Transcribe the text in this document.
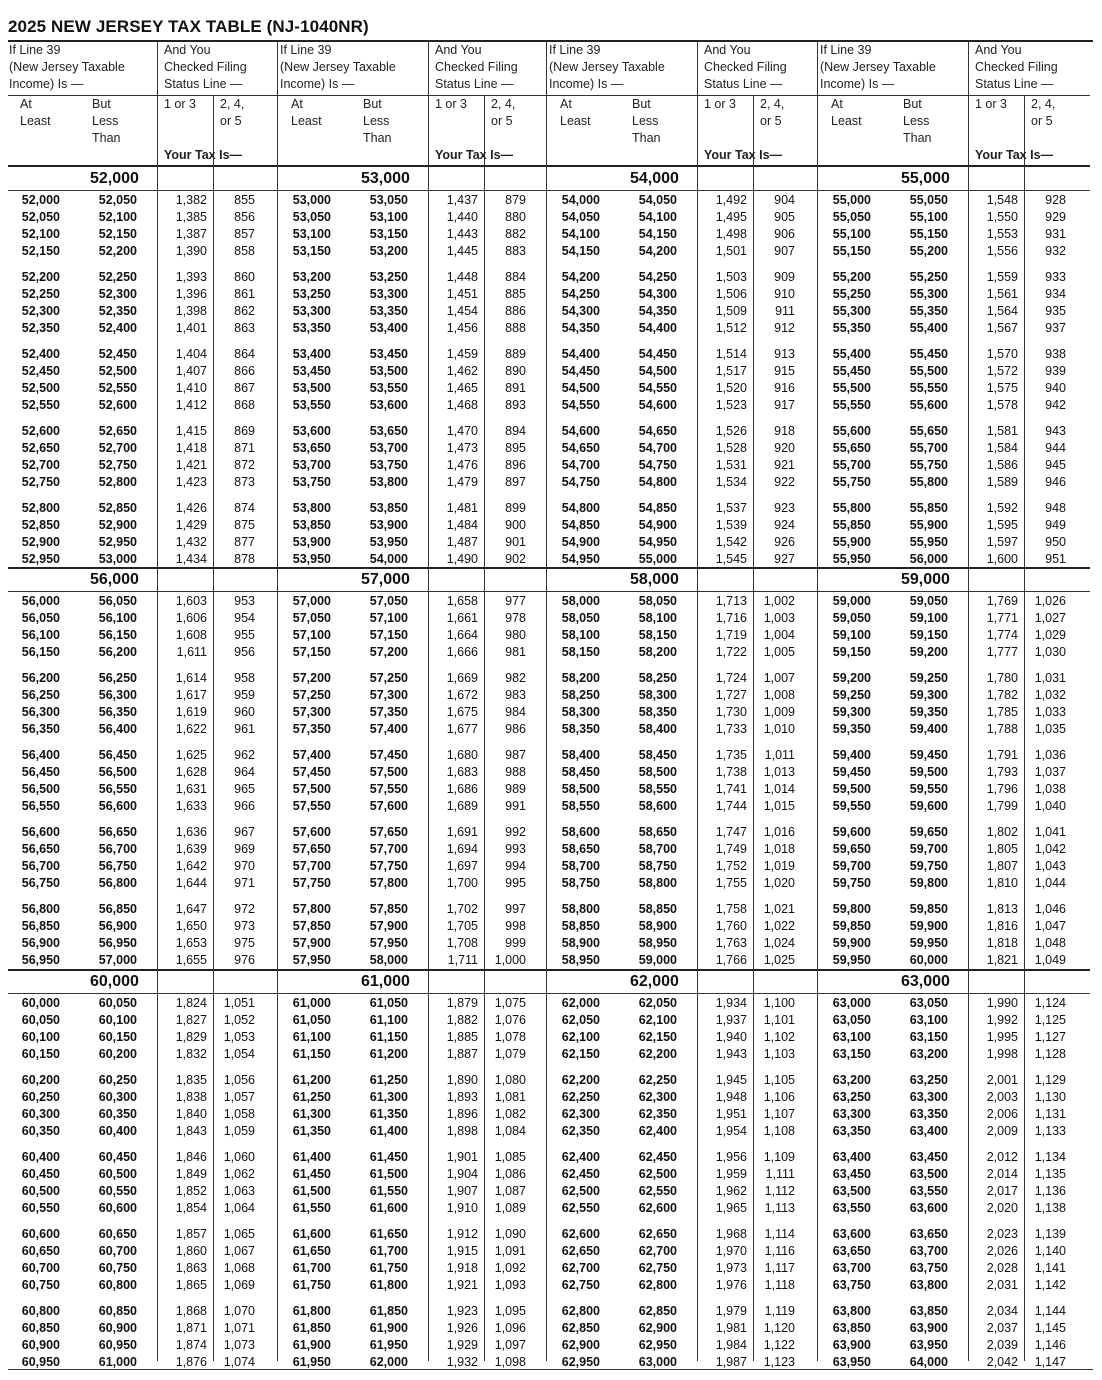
2025 NEW JERSEY TAX TABLE (NJ-1040NR)
If Line 39
(New Jersey Taxable
Income) Is —
And You
Checked Filing
Status Line —
At
Least
But
Less
Than
1 or 3 2, 4,
or 5
Your Tax Is—
52,000
52,000	52,050	1,382 855
52,050	52,100	1,385 856
52,100	52,150	1,387 857
52,150	52,200	1,390 858
52,200	52,250	1,393 860
52,250	52,300	1,396 861
52,300	52,350	1,398 862
52,350	52,400	1,401 863
52,400	52,450	1,404 864
52,450	52,500	1,407 866
52,500	52,550	1,410 867
52,550	52,600	1,412 868
52,600	52,650	1,415 869
52,650	52,700	1,418 871
52,700	52,750	1,421 872
52,750	52,800	1,423 873
52,800	52,850	1,426 874
52,850	52,900	1,429 875
52,900	52,950	1,432 877
52,950	53,000	1,434 878
56,000
56,000	56,050	1,603 953
56,050	56,100	1,606 954
56,100	56,150	1,608 955
56,150	56,200	1,611 956
56,200	56,250	1,614 958
56,250	56,300	1,617 959
56,300	56,350	1,619 960
56,350	56,400	1,622 961
56,400	56,450	1,625 962
56,450	56,500	1,628 964
56,500	56,550	1,631 965
56,550	56,600	1,633 966
56,600	56,650	1,636 967
56,650	56,700	1,639 969
56,700	56,750	1,642 970
56,750	56,800	1,644 971
56,800	56,850	1,647 972
56,850	56,900	1,650 973
56,900	56,950	1,653 975
56,950	57,000	1,655 976
60,000
60,000	60,050	1,824 1,051
60,050	60,100	1,827 1,052
60,100	60,150	1,829 1,053
60,150	60,200	1,832 1,054
60,200	60,250	1,835 1,056
60,250	60,300	1,838 1,057
60,300	60,350	1,840 1,058
60,350	60,400	1,843 1,059
60,400	60,450	1,846 1,060
60,450	60,500	1,849 1,062
60,500	60,550	1,852 1,063
60,550	60,600	1,854 1,064
60,600	60,650	1,857 1,065
60,650	60,700	1,860 1,067
60,700	60,750	1,863 1,068
60,750	60,800	1,865 1,069
60,800	60,850	1,868 1,070
60,850	60,900	1,871 1,071
60,900	60,950	1,874 1,073
60,950	61,000	1,876 1,074
If Line 39
(New Jersey Taxable
Income) Is —
And You
Checked Filing
Status Line —
At
Least
But
Less
Than
1 or 3 2, 4,
or 5
Your Tax Is—
53,000
53,000	53,050	1,437 879
53,050	53,100	1,440 880
53,100	53,150	1,443 882
53,150	53,200	1,445 883
53,200	53,250	1,448 884
53,250	53,300	1,451 885
53,300	53,350	1,454 886
53,350	53,400	1,456 888
53,400	53,450	1,459 889
53,450	53,500	1,462 890
53,500	53,550	1,465 891
53,550	53,600	1,468 893
53,600	53,650	1,470 894
53,650	53,700	1,473 895
53,700	53,750	1,476 896
53,750	53,800	1,479 897
53,800	53,850	1,481 899
53,850	53,900	1,484 900
53,900	53,950	1,487 901
53,950	54,000	1,490 902
57,000
57,000	57,050	1,658 977
57,050	57,100	1,661 978
57,100	57,150	1,664 980
57,150	57,200	1,666 981
57,200	57,250	1,669 982
57,250	57,300	1,672 983
57,300	57,350	1,675 984
57,350	57,400	1,677 986
57,400	57,450	1,680 987
57,450	57,500	1,683 988
57,500	57,550	1,686 989
57,550	57,600	1,689 991
57,600	57,650	1,691 992
57,650	57,700	1,694 993
57,700	57,750	1,697 994
57,750	57,800	1,700 995
57,800	57,850	1,702 997
57,850	57,900	1,705 998
57,900	57,950	1,708 999
57,950	58,000	1,711 1,000
61,000
61,000	61,050	1,879 1,075
61,050	61,100	1,882 1,076
61,100	61,150	1,885 1,078
61,150	61,200	1,887 1,079
61,200	61,250	1,890 1,080
61,250	61,300	1,893 1,081
61,300	61,350	1,896 1,082
61,350	61,400	1,898 1,084
61,400	61,450	1,901 1,085
61,450	61,500	1,904 1,086
61,500	61,550	1,907 1,087
61,550	61,600	1,910 1,089
61,600	61,650	1,912 1,090
61,650	61,700	1,915 1,091
61,700	61,750	1,918 1,092
61,750	61,800	1,921 1,093
61,800	61,850	1,923 1,095
61,850	61,900	1,926 1,096
61,900	61,950	1,929 1,097
61,950	62,000	1,932 1,098
If Line 39
(New Jersey Taxable
Income) Is —
And You
Checked Filing
Status Line —
At
Least
But
Less
Than
1 or 3 2, 4,
or 5
Your Tax Is—
54,000
54,000	54,050	1,492 904
54,050	54,100	1,495 905
54,100	54,150	1,498 906
54,150	54,200	1,501 907
54,200	54,250	1,503 909
54,250	54,300	1,506 910
54,300	54,350	1,509 911
54,350	54,400	1,512 912
54,400	54,450	1,514 913
54,450	54,500	1,517 915
54,500	54,550	1,520 916
54,550	54,600	1,523 917
54,600	54,650	1,526 918
54,650	54,700	1,528 920
54,700	54,750	1,531 921
54,750	54,800	1,534 922
54,800	54,850	1,537 923
54,850	54,900	1,539 924
54,900	54,950	1,542 926
54,950	55,000	1,545 927
58,000
58,000	58,050	1,713 1,002
58,050	58,100	1,716 1,003
58,100	58,150	1,719 1,004
58,150	58,200	1,722 1,005
58,200	58,250	1,724 1,007
58,250	58,300	1,727 1,008
58,300	58,350	1,730 1,009
58,350	58,400	1,733 1,010
58,400	58,450	1,735 1,011
58,450	58,500	1,738 1,013
58,500	58,550	1,741 1,014
58,550	58,600	1,744 1,015
58,600	58,650	1,747 1,016
58,650	58,700	1,749 1,018
58,700	58,750	1,752 1,019
58,750	58,800	1,755 1,020
58,800	58,850	1,758 1,021
58,850	58,900	1,760 1,022
58,900	58,950	1,763 1,024
58,950	59,000	1,766 1,025
62,000
62,000	62,050	1,934 1,100
62,050	62,100	1,937 1,101
62,100	62,150	1,940 1,102
62,150	62,200	1,943 1,103
62,200	62,250	1,945 1,105
62,250	62,300	1,948 1,106
62,300	62,350	1,951 1,107
62,350	62,400	1,954 1,108
62,400	62,450	1,956 1,109
62,450	62,500	1,959 1,111
62,500	62,550	1,962 1,112
62,550	62,600	1,965 1,113
62,600	62,650	1,968 1,114
62,650	62,700	1,970 1,116
62,700	62,750	1,973 1,117
62,750	62,800	1,976 1,118
62,800	62,850	1,979 1,119
62,850	62,900	1,981 1,120
62,900	62,950	1,984 1,122
62,950	63,000	1,987 1,123
If Line 39
(New Jersey Taxable
Income) Is —
And You
Checked Filing
Status Line —
At
Least
But
Less
Than
1 or 3 2, 4,
or 5
Your Tax Is—
55,000
55,000	55,050	1,548 928
55,050	55,100	1,550 929
55,100	55,150	1,553 931
55,150	55,200	1,556 932
55,200	55,250	1,559 933
55,250	55,300	1,561 934
55,300	55,350	1,564 935
55,350	55,400	1,567 937
55,400	55,450	1,570 938
55,450	55,500	1,572 939
55,500	55,550	1,575 940
55,550	55,600	1,578 942
55,600	55,650	1,581 943
55,650	55,700	1,584 944
55,700	55,750	1,586 945
55,750	55,800	1,589 946
55,800	55,850	1,592 948
55,850	55,900	1,595 949
55,900	55,950	1,597 950
55,950	56,000	1,600 951
59,000
59,000	59,050	1,769 1,026
59,050	59,100	1,771 1,027
59,100	59,150	1,774 1,029
59,150	59,200	1,777 1,030
59,200	59,250	1,780 1,031
59,250	59,300	1,782 1,032
59,300	59,350	1,785 1,033
59,350	59,400	1,788 1,035
59,400	59,450	1,791 1,036
59,450	59,500	1,793 1,037
59,500	59,550	1,796 1,038
59,550	59,600	1,799 1,040
59,600	59,650	1,802 1,041
59,650	59,700	1,805 1,042
59,700	59,750	1,807 1,043
59,750	59,800	1,810 1,044
59,800	59,850	1,813 1,046
59,850	59,900	1,816 1,047
59,900	59,950	1,818 1,048
59,950	60,000	1,821 1,049
63,000
63,000	63,050	1,990 1,124
63,050	63,100	1,992 1,125
63,100	63,150	1,995 1,127
63,150	63,200	1,998 1,128
63,200	63,250	2,001 1,129
63,250	63,300	2,003 1,130
63,300	63,350	2,006 1,131
63,350	63,400	2,009 1,133
63,400	63,450	2,012 1,134
63,450	63,500	2,014 1,135
63,500	63,550	2,017 1,136
63,550	63,600	2,020 1,138
63,600	63,650	2,023 1,139
63,650	63,700	2,026 1,140
63,700	63,750	2,028 1,141
63,750	63,800	2,031 1,142
63,800	63,850	2,034 1,144
63,850	63,900	2,037 1,145
63,900	63,950	2,039 1,146
63,950	64,000	2,042 1,147
